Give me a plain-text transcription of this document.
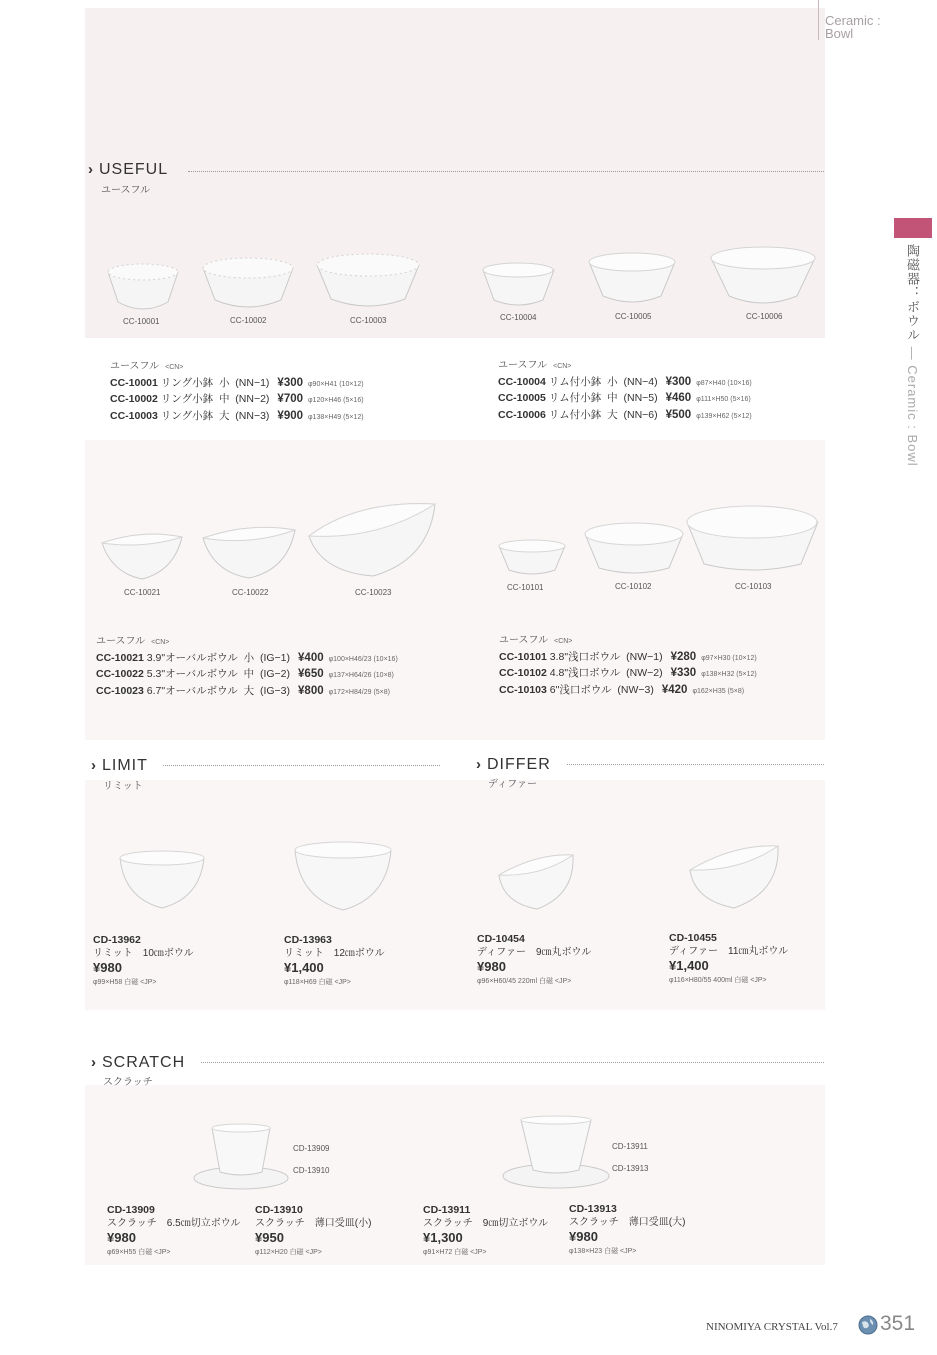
Ceramic :
Bowl
陶磁器：ボウル — Ceramic : Bowl
› USEFUL
ユースフル
CC-10001	CC-10002	CC-10003	CC-10004	CC-10005	CC-10006
ユースフル <CN>
CC-10001
リング小鉢
小
(NN−1) ¥300 φ90×H41 (10×12)
CC-10002
リング小鉢
中
(NN−2) ¥700 φ120×H46 (5×16)
CC-10003
リング小鉢
大
(NN−3) ¥900 φ138×H49 (5×12)
ユースフル <CN>
CC-10004
リム付小鉢
小
(NN−4) ¥300 φ87×H40 (10×16)
CC-10005
リム付小鉢
中
(NN−5) ¥460 φ111×H50 (5×16)
CC-10006
リム付小鉢
大
(NN−6) ¥500 φ139×H62 (5×12)
CC-10021	CC-10022	CC-10023
CC-10101	CC-10102	CC-10103
ユースフル <CN>
CC-10021
3.9"オーバルボウル
小
(IG−1) ¥400 φ100×H46/23 (10×16)
CC-10022
5.3"オーバルボウル
中
(IG−2) ¥650 φ137×H64/26 (10×8)
CC-10023
6.7"オーバルボウル
大
(IG−3) ¥800 φ172×H84/29 (5×8)
ユースフル <CN>
CC-10101
3.8"浅口ボウル
(NW−1) ¥280 φ97×H30 (10×12)
CC-10102
4.8"浅口ボウル
(NW−2) ¥330 φ138×H32 (5×12)
CC-10103
6"浅口ボウル
(NW−3) ¥420 φ162×H35 (5×8)
› LIMIT
リミット
› DIFFER
ディファー
CD-13962
リミット　10㎝ボウル
¥980
φ99×H58 白磁 <JP>
CD-13963
リミット　12㎝ボウル
¥1,400
φ118×H69 白磁 <JP>
CD-10454
ディファー　9㎝丸ボウル
¥980
φ96×H60/45 220ml 白磁 <JP>
CD-10455
ディファー　11㎝丸ボウル
¥1,400
φ116×H80/55 400ml 白磁 <JP>
› SCRATCH
スクラッチ
CD-13909
CD-13910
CD-13911
CD-13913
CD-13909
スクラッチ　6.5㎝切立ボウル
¥980
φ69×H55 白磁 <JP>
CD-13910
スクラッチ　薄口受皿(小)
¥950
φ112×H20 白磁 <JP>
CD-13911
スクラッチ　9㎝切立ボウル
¥1,300
φ91×H72 白磁 <JP>
CD-13913
スクラッチ　薄口受皿(大)
¥980
φ138×H23 白磁 <JP>
NINOMIYA CRYSTAL Vol.7 351
